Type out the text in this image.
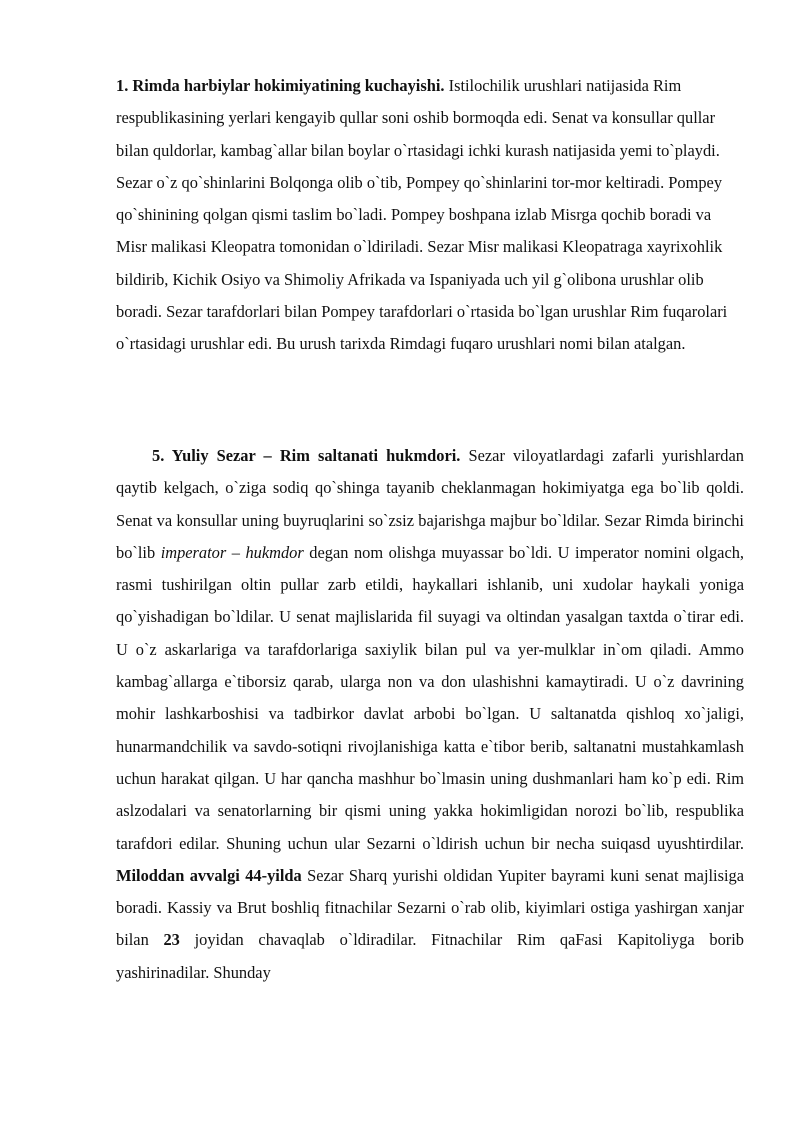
1. Rimda harbiylar hokimiyatining kuchayishi. Istilochilik urushlari natijasida Rim respublikasining yerlari kengayib qullar soni oshib bormoqda edi. Senat va konsullar qullar bilan quldorlar, kambag`allar bilan boylar o`rtasidagi ichki kurash natijasida yemi to`playdi. Sezar o`z qo`shinlarini Bolqonga olib o`tib, Pompey qo`shinlarini tor-mor keltiradi. Pompey qo`shinining qolgan qismi taslim bo`ladi. Pompey boshpana izlab Misrga qochib boradi va Misr malikasi Kleopatra tomonidan o`ldiriladi. Sezar Misr malikasi Kleopatraga xayrixohlik bildirib, Kichik Osiyo va Shimoliy Afrikada va Ispaniyada uch yil g`olibona urushlar olib boradi. Sezar tarafdorlari bilan Pompey tarafdorlari o`rtasida bo`lgan urushlar Rim fuqarolari o`rtasidagi urushlar edi. Bu urush tarixda Rimdagi fuqaro urushlari nomi bilan atalgan.

5. Yuliy Sezar – Rim saltanati hukmdori. Sezar viloyatlardagi zafarli yurishlardan qaytib kelgach, o`ziga sodiq qo`shinga tayanib cheklanmagan hokimiyatga ega bo`lib qoldi. Senat va konsullar uning buyruqlarini so`zsiz bajarishga majbur bo`ldilar. Sezar Rimda birinchi bo`lib imperator – hukmdor degan nom olishga muyassar bo`ldi. U imperator nomini olgach, rasmi tushirilgan oltin pullar zarb etildi, haykallari ishlanib, uni xudolar haykali yoniga qo`yishadigan bo`ldilar. U senat majlislarida fil suyagi va oltindan yasalgan taxtda o`tirar edi. U o`z askarlariga va tarafdorlariga saxiylik bilan pul va yer-mulklar in`om qiladi. Ammo kambag`allarga e`tiborsiz qarab, ularga non va don ulashishni kamaytiradi. U o`z davrining mohir lashkarboshisi va tadbirkor davlat arbobi bo`lgan. U saltanatda qishloq xo`jaligi, hunarmandchilik va savdo-sotiqni rivojlanishiga katta e`tibor berib, saltanatni mustahkamlash uchun harakat qilgan. U har qancha mashhur bo`lmasin uning dushmanlari ham ko`p edi. Rim aslzodalari va senatorlarning bir qismi uning yakka hokimligidan norozi bo`lib, respublika tarafdori edilar. Shuning uchun ular Sezarni o`ldirish uchun bir necha suiqasd uyushtirdilar. Miloddan avvalgi 44-yilda Sezar Sharq yurishi oldidan Yupiter bayrami kuni senat majlisiga boradi. Kassiy va Brut boshliq fitnachilar Sezarni o`rab olib, kiyimlari ostiga yashirgan xanjar bilan 23 joyidan chavaqlab o`ldiradilar. Fitnachilar Rim qaFasi Kapitoliyga borib yashirinadilar. Shunday
